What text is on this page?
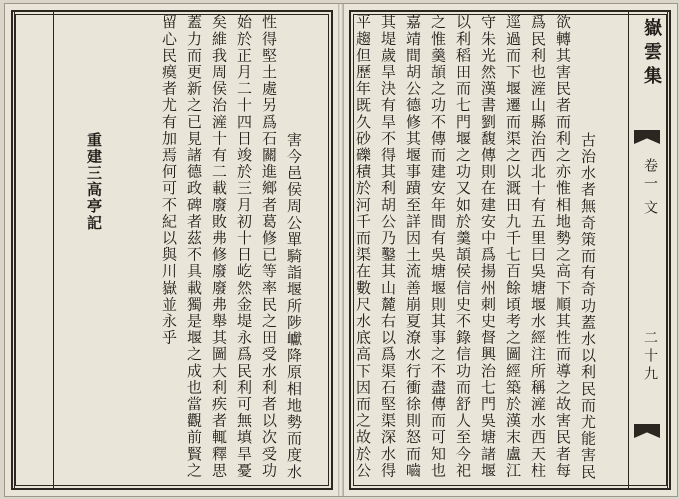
害今邑侯周公單騎詣堰所陟巘降原相地勢而度水性得堅土處另爲石關進鄉者葛修已等率民之田受水利者以次受功始於正月二十四日竣於三月初十日屹然金堤永爲民利可無填旱憂矣維我周侯治滻十有二載廢敗弗修廢廢弗舉其圖大利疾者輒釋思蓋力而更新之已見諸德政碑者茲不具載獨是堰之成也當觀前賢之留心民瘼者尤有加焉何可不紀以與川嶽並永乎

重建三高亭記

嶽雲集
卷一
文
二十九

古治水者無奇策而有奇功蓋水以利民而尤能害民欲轉其害民者而利之亦惟相地勢之高下順其性而導之故害民者每爲民利也滻山縣治西北十有五里曰吳塘堰水經注所稱滻水西天柱逕過而下堰遷而渠之以溉田九千七百餘頃考之圖經築於漢末盧江守朱光然漢書劉馥傳則在建安中爲揚州刺史督興治七門吳塘諸堰以利稻田而七門堰之功又如於羹頡侯信史不錄信功而舒人至今祀之惟羹頡之功不傳而建安年間有吳塘堰則其事之不盡傳而可知也嘉靖間胡公德修其堰事蹟至詳因土流善崩夏潦水行衝徐則怒而嚙其堤歲旱決有旱不得其利胡公乃鑿其山麓右以爲渠石堅渠深水得平趨但歷年既久砂礫積於河千而渠在數尺水底高下因而之故於公
